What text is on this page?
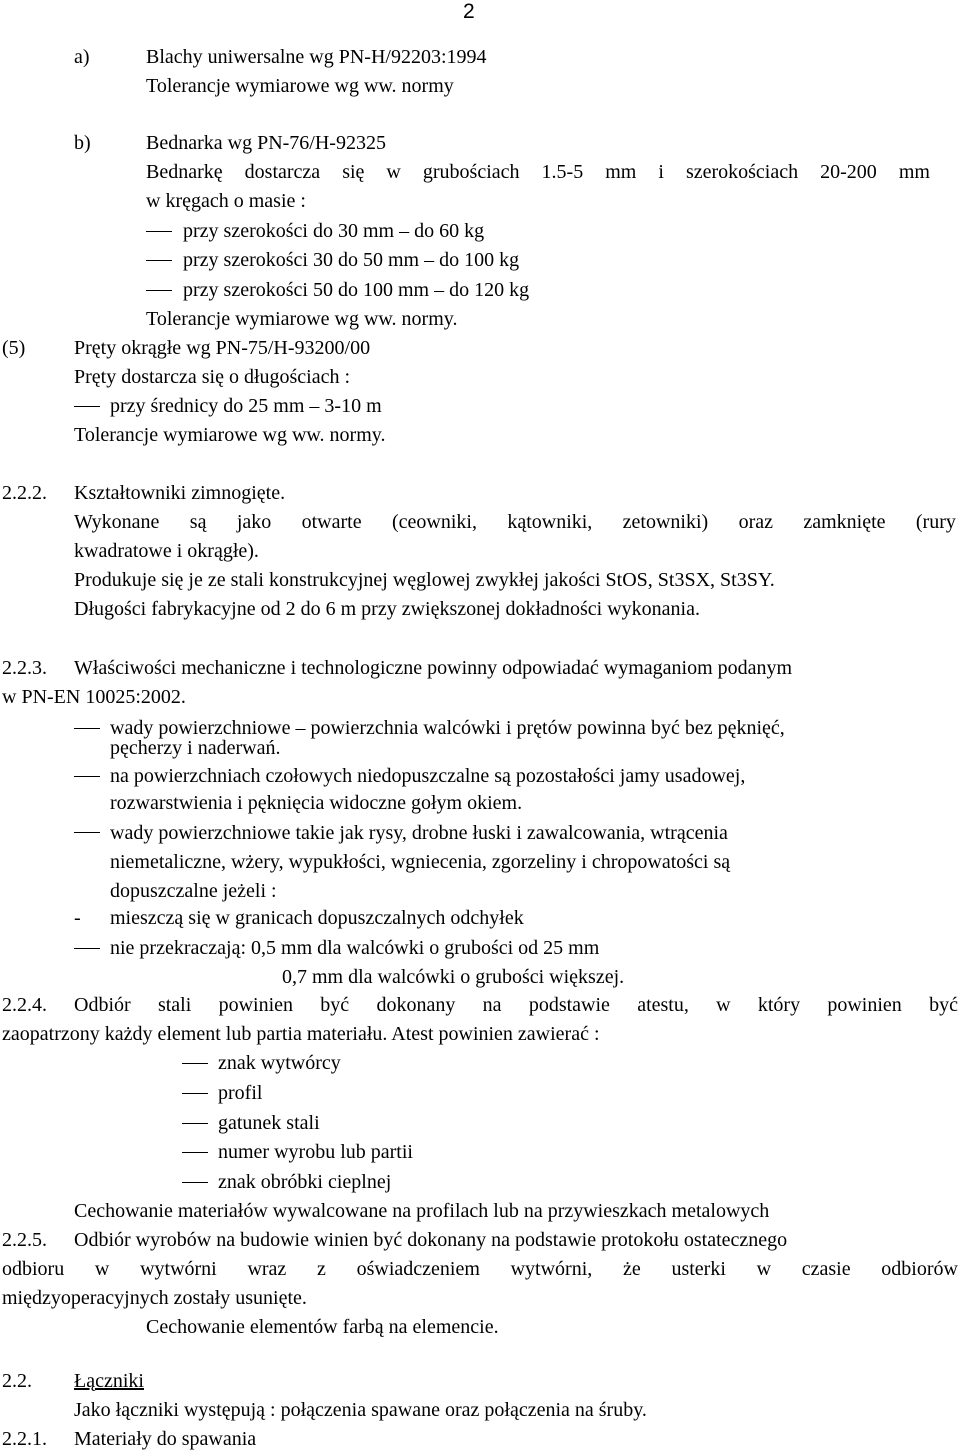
2
a)	Blachy uniwersalne wg PN-H/92203:1994
Tolerancje wymiarowe wg ww. normy
b)	Bednarka wg PN-76/H-92325
Bednarkę dostarcza się w grubościach 1.5-5 mm i szerokościach 20-200 mm
w kręgach o masie :
przy szerokości do 30 mm – do 60 kg
przy szerokości 30 do 50 mm – do 100 kg
przy szerokości 50 do 100 mm – do 120 kg
Tolerancje wymiarowe wg ww. normy.
(5) Pręty okrągłe wg PN-75/H-93200/00
Pręty dostarcza się o długościach :
przy średnicy do 25 mm – 3-10 m
Tolerancje wymiarowe wg ww. normy.
2.2.2. Kształtowniki zimnogięte.
Wykonane są jako otwarte (ceowniki, kątowniki, zetowniki) oraz zamknięte (rury
kwadratowe i okrągłe).
Produkuje się je ze stali konstrukcyjnej węglowej zwykłej jakości StOS, St3SX, St3SY.
Długości fabrykacyjne od 2 do 6 m przy zwiększonej dokładności wykonania.
2.2.3. Właściwości mechaniczne i technologiczne powinny odpowiadać wymaganiom podanym
w PN-EN 10025:2002.
wady powierzchniowe – powierzchnia walcówki i prętów powinna być bez pęknięć,
pęcherzy i naderwań.
na powierzchniach czołowych niedopuszczalne są pozostałości jamy usadowej,
rozwarstwienia i pęknięcia widoczne gołym okiem.
wady powierzchniowe takie jak rysy, drobne łuski i zawalcowania, wtrącenia
niemetaliczne, wżery, wypukłości, wgniecenia, zgorzeliny i chropowatości są
dopuszczalne jeżeli :
- mieszczą się w granicach dopuszczalnych odchyłek
nie przekraczają: 0,5 mm dla walcówki o grubości od 25 mm
0,7 mm dla walcówki o grubości większej.
2.2.4. Odbiór stali powinien być dokonany na podstawie atestu, w który powinien być
zaopatrzony każdy element lub partia materiału. Atest powinien zawierać :
znak wytwórcy
profil
gatunek stali
numer wyrobu lub partii
znak obróbki cieplnej
Cechowanie materiałów wywalcowane na profilach lub na przywieszkach metalowych
2.2.5. Odbiór wyrobów na budowie winien być dokonany na podstawie protokołu ostatecznego
odbioru w wytwórni wraz z oświadczeniem wytwórni, że usterki w czasie odbiorów
międzyoperacyjnych zostały usunięte.
Cechowanie elementów farbą na elemencie.
2.2. Łączniki
Jako łączniki występują : połączenia spawane oraz połączenia na śruby.
2.2.1. Materiały do spawania
